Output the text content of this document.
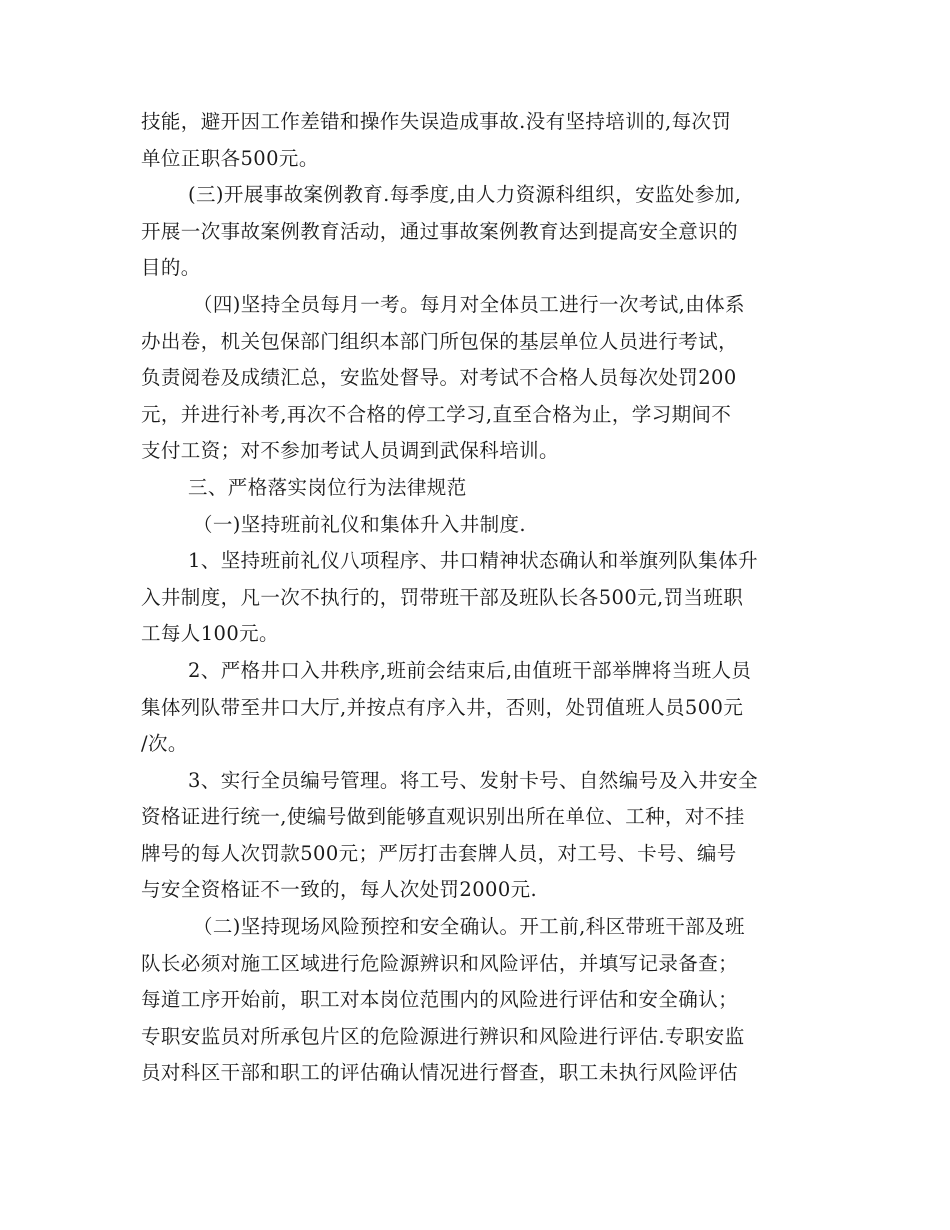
技能，避开因工作差错和操作失误造成事故.没有坚持培训的,每次罚
单位正职各500元。
(三)开展事故案例教育.每季度,由人力资源科组织，安监处参加,
开展一次事故案例教育活动，通过事故案例教育达到提高安全意识的
目的。
（四)坚持全员每月一考。每月对全体员工进行一次考试,由体系
办出卷，机关包保部门组织本部门所包保的基层单位人员进行考试，
负责阅卷及成绩汇总，安监处督导。对考试不合格人员每次处罚200
元，并进行补考,再次不合格的停工学习,直至合格为止，学习期间不
支付工资；对不参加考试人员调到武保科培训。
三、严格落实岗位行为法律规范
（一)坚持班前礼仪和集体升入井制度.
1、坚持班前礼仪八项程序、井口精神状态确认和举旗列队集体升
入井制度，凡一次不执行的，罚带班干部及班队长各500元,罚当班职
工每人100元。
2、严格井口入井秩序,班前会结束后,由值班干部举牌将当班人员
集体列队带至井口大厅,并按点有序入井，否则，处罚值班人员500元
/次。
3、实行全员编号管理。将工号、发射卡号、自然编号及入井安全
资格证进行统一,使编号做到能够直观识别出所在单位、工种，对不挂
牌号的每人次罚款500元；严厉打击套牌人员，对工号、卡号、编号
与安全资格证不一致的，每人次处罚2000元.
（二)坚持现场风险预控和安全确认。开工前,科区带班干部及班
队长必须对施工区域进行危险源辨识和风险评估，并填写记录备查；
每道工序开始前，职工对本岗位范围内的风险进行评估和安全确认；
专职安监员对所承包片区的危险源进行辨识和风险进行评估.专职安监
员对科区干部和职工的评估确认情况进行督查，职工未执行风险评估
